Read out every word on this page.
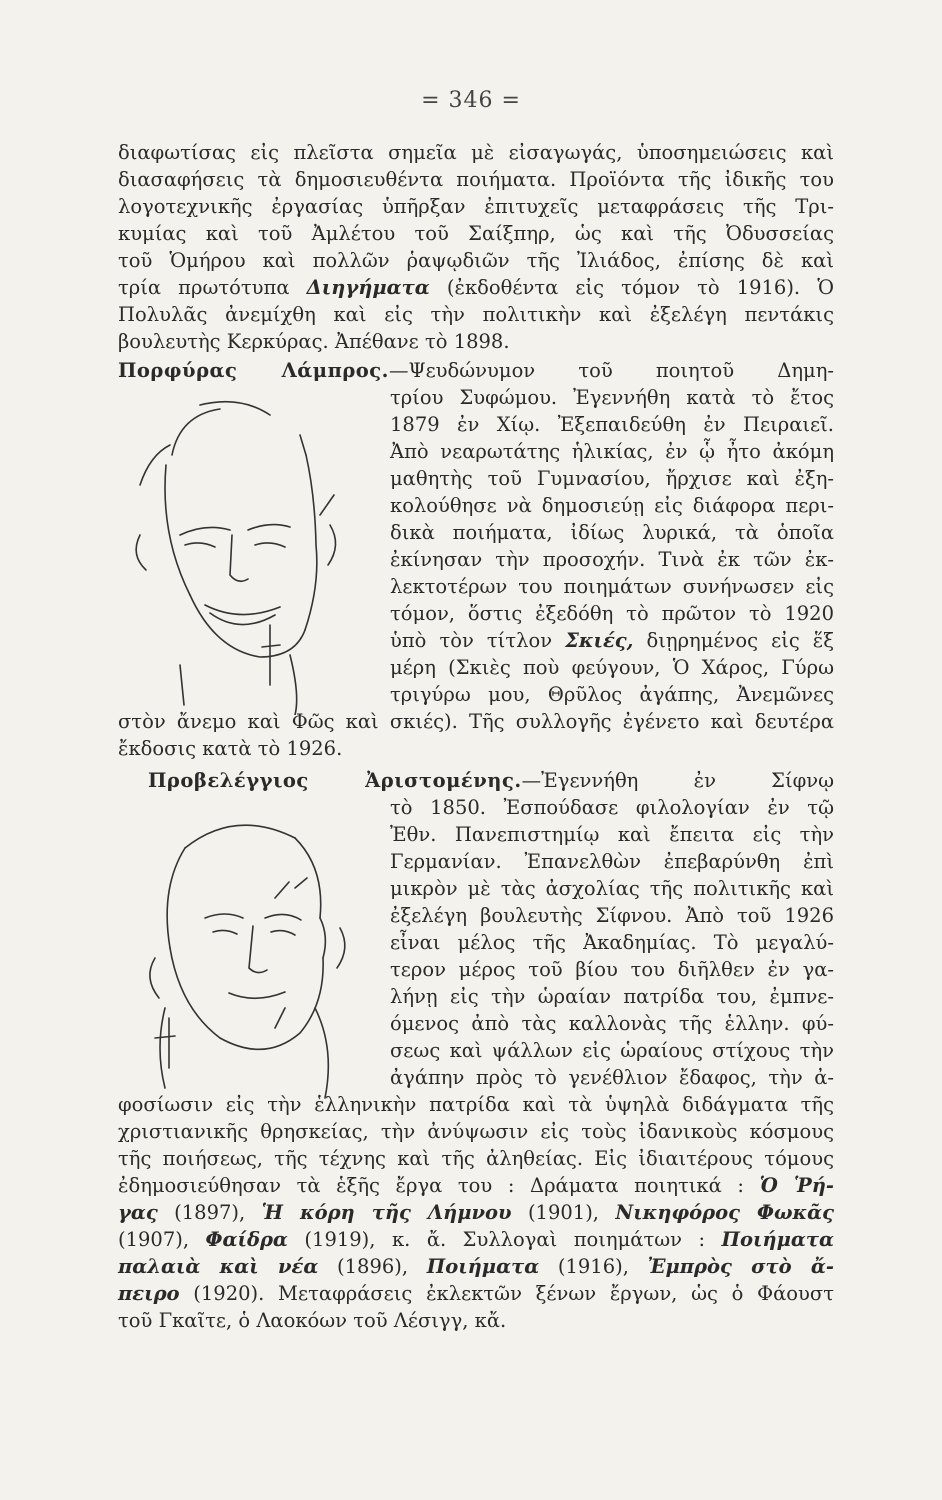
= 346 =
διαφωτίσας εἰς πλεῖστα σημεῖα μὲ εἰσαγωγάς, ὑποσημειώσεις καὶ
διασαφήσεις τὰ δημοσιευθέντα ποιήματα. Προϊόντα τῆς ἰδικῆς του
λογοτεχνικῆς ἐργασίας ὑπῆρξαν ἐπιτυχεῖς μεταφράσεις τῆς Τρι-
κυμίας καὶ τοῦ Ἀμλέτου τοῦ Σαίξπηρ, ὡς καὶ τῆς Ὀδυσσείας
τοῦ Ὁμήρου καὶ πολλῶν ῥαψῳδιῶν τῆς Ἰλιάδος, ἐπίσης δὲ καὶ
τρία πρωτότυπα Διηγήματα (ἐκδοθέντα εἰς τόμον τὸ 1916). Ὁ
Πολυλᾶς ἀνεμίχθη καὶ εἰς τὴν πολιτικὴν καὶ ἐξελέγη πεντάκις
βουλευτὴς Κερκύρας. Ἀπέθανε τὸ 1898.
Πορφύρας Λάμπρος.—Ψευδώνυμον τοῦ ποιητοῦ Δημη-
τρίου Συφώμου. Ἐγεννήθη κατὰ τὸ ἔτος
1879 ἐν Χίῳ. Ἐξεπαιδεύθη ἐν Πειραιεῖ.
Ἀπὸ νεαρωτάτης ἡλικίας, ἐν ᾧ ἦτο ἀκόμη
μαθητὴς τοῦ Γυμνασίου, ἤρχισε καὶ ἐξη-
κολούθησε νὰ δημοσιεύῃ εἰς διάφορα περι-
δικὰ ποιήματα, ἰδίως λυρικά, τὰ ὁποῖα
ἐκίνησαν τὴν προσοχήν. Τινὰ ἐκ τῶν ἐκ-
λεκτοτέρων του ποιημάτων συνήνωσεν εἰς
τόμον, ὅστις ἐξεδόθη τὸ πρῶτον τὸ 1920
ὑπὸ τὸν τίτλον Σκιές, διῃρημένος εἰς ἕξ
μέρη (Σκιὲς ποὺ φεύγουν, Ὁ Χάρος, Γύρω
τριγύρω μου, Θρῦλος ἀγάπης, Ἀνεμῶνες
στὸν ἄνεμο καὶ Φῶς καὶ σκιές). Τῆς συλλογῆς ἐγένετο καὶ δευτέρα
ἔκδοσις κατὰ τὸ 1926.
Προβελέγγιος Ἀριστομένης.—Ἐγεννήθη ἐν Σίφνῳ
τὸ 1850. Ἐσπούδασε φιλολογίαν ἐν τῷ
Ἐθν. Πανεπιστημίῳ καὶ ἔπειτα εἰς τὴν
Γερμανίαν. Ἐπανελθὼν ἐπεβαρύνθη ἐπὶ
μικρὸν μὲ τὰς ἀσχολίας τῆς πολιτικῆς καὶ
ἐξελέγη βουλευτὴς Σίφνου. Ἀπὸ τοῦ 1926
εἶναι μέλος τῆς Ἀκαδημίας. Τὸ μεγαλύ-
τερον μέρος τοῦ βίου του διῆλθεν ἐν γα-
λήνῃ εἰς τὴν ὡραίαν πατρίδα του, ἐμπνε-
όμενος ἀπὸ τὰς καλλονὰς τῆς ἑλλην. φύ-
σεως καὶ ψάλλων εἰς ὡραίους στίχους τὴν
ἀγάπην πρὸς τὸ γενέθλιον ἔδαφος, τὴν ἀ-
φοσίωσιν εἰς τὴν ἑλληνικὴν πατρίδα καὶ τὰ ὑψηλὰ διδάγματα τῆς
χριστιανικῆς θρησκείας, τὴν ἀνύψωσιν εἰς τοὺς ἰδανικοὺς κόσμους
τῆς ποιήσεως, τῆς τέχνης καὶ τῆς ἀληθείας. Εἰς ἰδιαιτέρους τόμους
ἐδημοσιεύθησαν τὰ ἑξῆς ἔργα του : Δράματα ποιητικά : Ὁ Ῥή-
γας (1897), Ἡ κόρη τῆς Λήμνου (1901), Νικηφόρος Φωκᾶς
(1907), Φαίδρα (1919), κ. ἄ. Συλλογαὶ ποιημάτων : Ποιήματα
παλαιὰ καὶ νέα (1896), Ποιήματα (1916), Ἐμπρὸς στὸ ἄ-
πειρο (1920). Μεταφράσεις ἐκλεκτῶν ξένων ἔργων, ὡς ὁ Φάουστ
τοῦ Γκαῖτε, ὁ Λαοκόων τοῦ Λέσιγγ, κἄ.
